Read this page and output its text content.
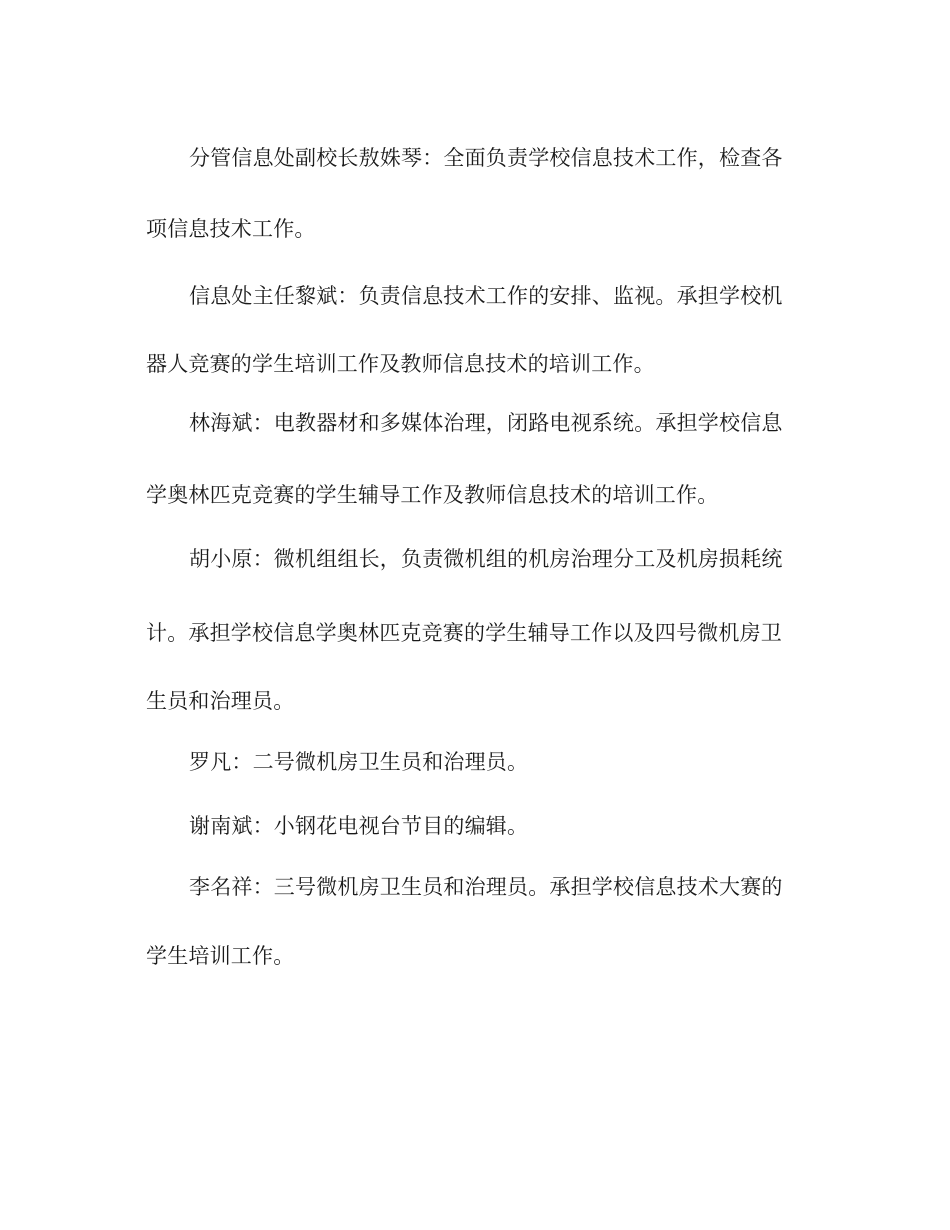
分管信息处副校长敖姝琴：全面负责学校信息技术工作，检查各
项信息技术工作。
信息处主任黎斌：负责信息技术工作的安排、监视。承担学校机
器人竞赛的学生培训工作及教师信息技术的培训工作。
林海斌：电教器材和多媒体治理，闭路电视系统。承担学校信息
学奥林匹克竞赛的学生辅导工作及教师信息技术的培训工作。
胡小原：微机组组长，负责微机组的机房治理分工及机房损耗统
计。承担学校信息学奥林匹克竞赛的学生辅导工作以及四号微机房卫
生员和治理员。
罗凡：二号微机房卫生员和治理员。
谢南斌：小钢花电视台节目的编辑。
李名祥：三号微机房卫生员和治理员。承担学校信息技术大赛的
学生培训工作。
